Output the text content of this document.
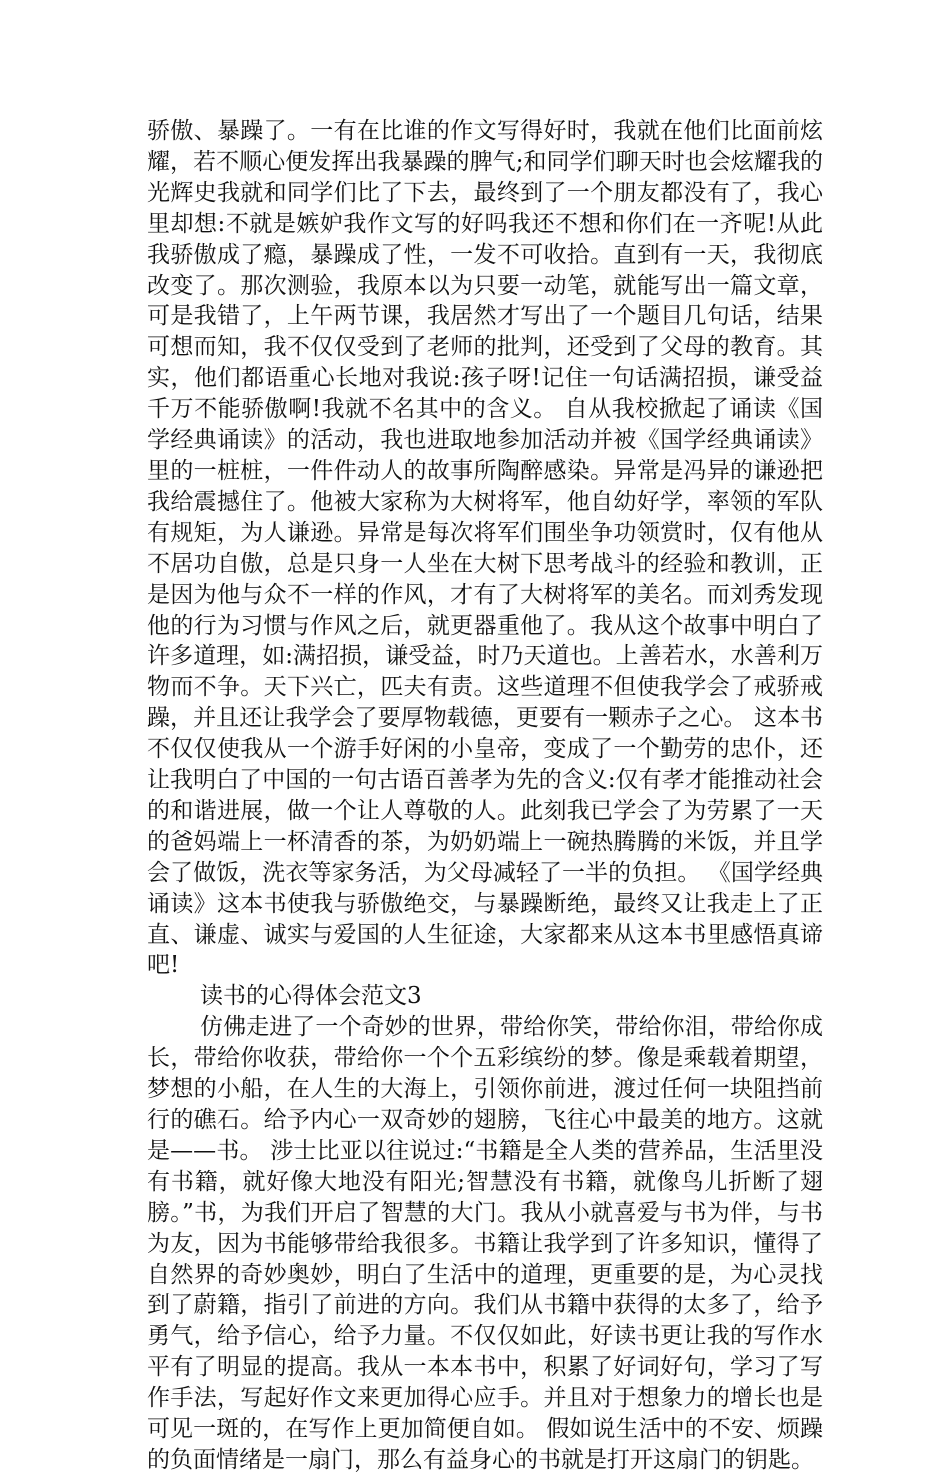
骄傲、暴躁了。一有在比谁的作文写得好时，我就在他们比面前炫耀，若不顺心便发挥出我暴躁的脾气;和同学们聊天时也会炫耀我的光辉史我就和同学们比了下去，最终到了一个朋友都没有了，我心里却想:不就是嫉妒我作文写的好吗我还不想和你们在一齐呢!从此我骄傲成了瘾，暴躁成了性，一发不可收拾。直到有一天，我彻底改变了。那次测验，我原本以为只要一动笔，就能写出一篇文章，可是我错了，上午两节课，我居然才写出了一个题目几句话，结果可想而知，我不仅仅受到了老师的批判，还受到了父母的教育。其实，他们都语重心长地对我说:孩子呀!记住一句话满招损，谦受益千万不能骄傲啊!我就不名其中的含义。 自从我校掀起了诵读《国学经典诵读》的活动，我也进取地参加活动并被《国学经典诵读》里的一桩桩，一件件动人的故事所陶醉感染。异常是冯异的谦逊把我给震撼住了。他被大家称为大树将军，他自幼好学，率领的军队有规矩，为人谦逊。异常是每次将军们围坐争功领赏时，仅有他从不居功自傲，总是只身一人坐在大树下思考战斗的经验和教训，正是因为他与众不一样的作风，才有了大树将军的美名。而刘秀发现他的行为习惯与作风之后，就更器重他了。我从这个故事中明白了许多道理，如:满招损，谦受益，时乃天道也。上善若水，水善利万物而不争。天下兴亡，匹夫有责。这些道理不但使我学会了戒骄戒躁，并且还让我学会了要厚物载德，更要有一颗赤子之心。 这本书不仅仅使我从一个游手好闲的小皇帝，变成了一个勤劳的忠仆，还让我明白了中国的一句古语百善孝为先的含义:仅有孝才能推动社会的和谐进展，做一个让人尊敬的人。此刻我已学会了为劳累了一天的爸妈端上一杯清香的茶，为奶奶端上一碗热腾腾的米饭，并且学会了做饭，洗衣等家务活，为父母减轻了一半的负担。 《国学经典诵读》这本书使我与骄傲绝交，与暴躁断绝，最终又让我走上了正直、谦虚、诚实与爱国的人生征途，大家都来从这本书里感悟真谛吧!

读书的心得体会范文3

仿佛走进了一个奇妙的世界，带给你笑，带给你泪，带给你成长，带给你收获，带给你一个个五彩缤纷的梦。像是乘载着期望，梦想的小船，在人生的大海上，引领你前进，渡过任何一块阻挡前行的礁石。给予内心一双奇妙的翅膀，飞往心中最美的地方。这就是——书。 涉士比亚以往说过:“书籍是全人类的营养品，生活里没有书籍，就好像大地没有阳光;智慧没有书籍，就像鸟儿折断了翅膀。”书，为我们开启了智慧的大门。我从小就喜爱与书为伴，与书为友，因为书能够带给我很多。书籍让我学到了许多知识，懂得了自然界的奇妙奥妙，明白了生活中的道理，更重要的是，为心灵找到了蔚籍，指引了前进的方向。我们从书籍中获得的太多了，给予勇气，给予信心，给予力量。不仅仅如此，好读书更让我的写作水平有了明显的提高。我从一本本书中，积累了好词好句，学习了写作手法，写起好作文来更加得心应手。并且对于想象力的增长也是可见一斑的，在写作上更加简便自如。 假如说生活中的不安、烦躁的负面情绪是一扇门，那么有益身心的书就是打开这扇门的钥匙。
